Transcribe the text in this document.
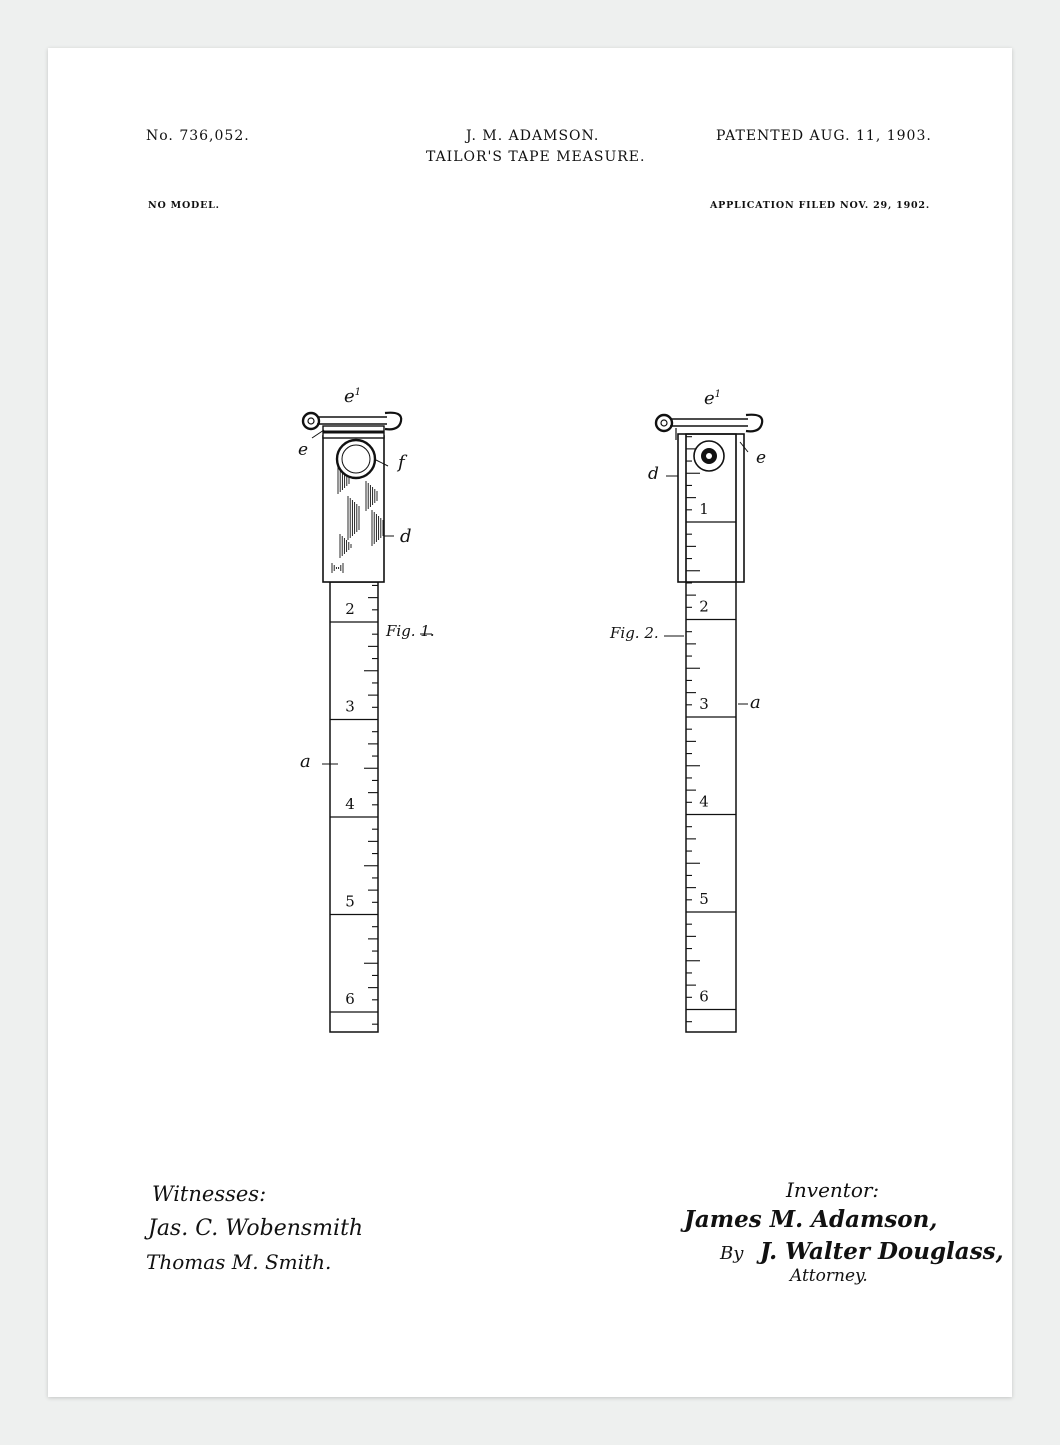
No. 736,052.	J. M. ADAMSON.
TAILOR'S TAPE MEASURE.
PATENTED AUG. 11, 1903.
NO MODEL.	APPLICATION FILED NOV. 29, 1902.
2
3
4
5
6
1
2
3
4
5
6
Fig. 1.	Fig. 2.
$e^1$
e
f
d
a
$e^1$
d
e
a
Witnesses:
Jas. C. Wobensmith
Thomas M. Smith.
Inventor:
James M. Adamson,
By J. Walter Douglass,
Attorney.
